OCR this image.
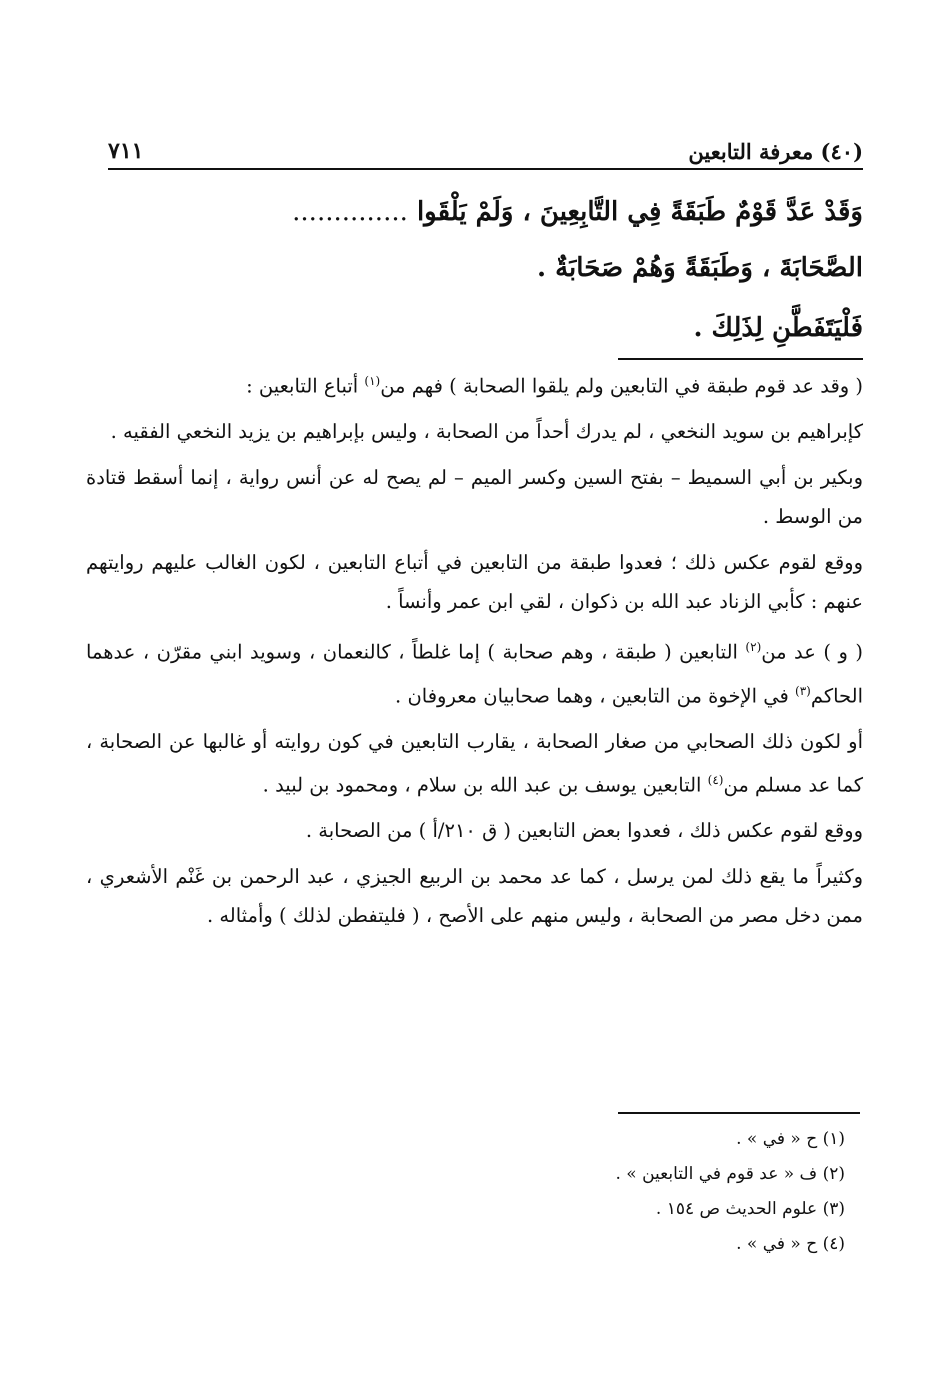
(٤٠) معرفة التابعين
٧١١
وَقَدْ عَدَّ قَوْمٌ طَبَقَةً فِي التَّابِعِينَ ، وَلَمْ يَلْقَوا ..............
الصَّحَابَةَ ، وَطَبَقَةً وَهُمْ صَحَابَةٌ .
فَلْيَتَفَطَّنِ لِذَلِكَ .

( وقد عد قوم طبقة في التابعين ولم يلقوا الصحابة ) فهم من$^{(١)}$ أتباع التابعين :

كإبراهيم بن سويد النخعي ، لم يدرك أحداً من الصحابة ، وليس بإبراهيم بن يزيد النخعي الفقيه .

وبكير بن أبي السميط – بفتح السين وكسر الميم – لم يصح له عن أنس رواية ، إنما أسقط قتادة من الوسط .

ووقع لقوم عكس ذلك ؛ فعدوا طبقة من التابعين في أتباع التابعين ، لكون الغالب عليهم روايتهم عنهم : كأبي الزناد عبد الله بن ذكوان ، لقي ابن عمر وأنساً .

( و ) عد من$^{(٢)}$ التابعين ( طبقة ، وهم صحابة ) إما غلطاً ، كالنعمان ، وسويد ابني مقرّن ، عدهما الحاكم$^{(٣)}$ في الإخوة من التابعين ، وهما صحابيان معروفان .

أو لكون ذلك الصحابي من صغار الصحابة ، يقارب التابعين في كون روايته أو غالبها عن الصحابة ، كما عد مسلم من$^{(٤)}$ التابعين يوسف بن عبد الله بن سلام ، ومحمود بن لبيد .

ووقع لقوم عكس ذلك ، فعدوا بعض التابعين ( ق ٢١٠/أ ) من الصحابة .

وكثيراً ما يقع ذلك لمن يرسل ، كما عد محمد بن الربيع الجيزي ، عبد الرحمن بن غَنْم الأشعري ، ممن دخل مصر من الصحابة ، وليس منهم على الأصح ، ( فليتفطن لذلك ) وأمثاله .

(١) ح « في » .
(٢) ف « عد قوم في التابعين » .
(٣) علوم الحديث ص ١٥٤ .
(٤) ح « في » .
